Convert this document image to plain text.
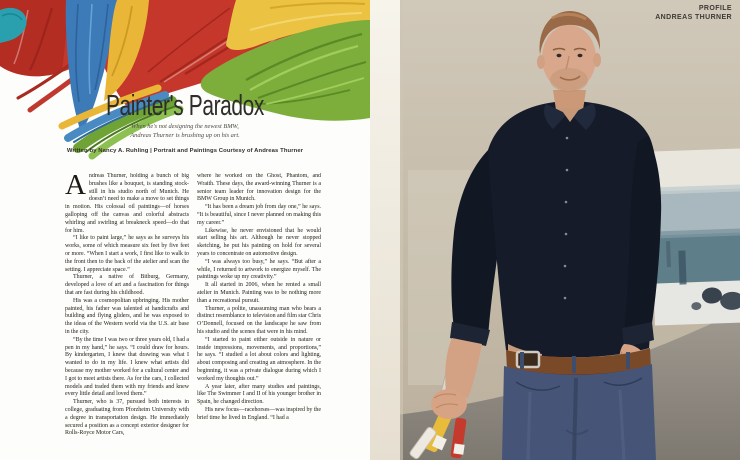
Painter's Paradox
When he's not designing the newest BMW,
Andreas Thurner is brushing up on his art.
Written by Nancy A. Ruhling | Portrait and Paintings Courtesy of Andreas Thurner

Andreas Thurner, holding a bunch of big brushes like a bouquet, is standing stock-still in his studio north of Munich. He doesn’t need to make a move to set things in motion. His colossal oil paintings—of horses galloping off the canvas and colorful abstracts whirling and swirling at breakneck speed—do that for him.

“I like to paint large,” he says as he surveys his works, some of which measure six feet by five feet or more. “When I start a work, I first like to walk to the front then to the back of the atelier and scan the setting. I appreciate space.”

Thurner, a native of Bitburg, Germany, developed a love of art and a fascination for things that are fast during his childhood.

His was a cosmopolitan upbringing. His mother painted, his father was talented at handicrafts and building and flying gliders, and he was exposed to the ideas of the Western world via the U.S. air base in the city.

“By the time I was two or three years old, I had a pen in my hand,” he says. “I could draw for hours. By kindergarten, I knew that drawing was what I wanted to do in my life. I knew what artists did because my mother worked for a cultural center and I got to meet artists there. As for the cars, I collected models and traded them with my friends and knew every little detail and loved them.”

Thurner, who is 37, pursued both interests in college, graduating from Pforzheim University with a degree in transportation design. He immediately secured a position as a concept exterior designer for Rolls-Royce Motor Cars,

where he worked on the Ghost, Phantom, and Wraith. These days, the award-winning Thurner is a senior team leader for innovation design for the BMW Group in Munich.

“It has been a dream job from day one,” he says. “It is beautiful, since I never planned on making this my career.”

Likewise, he never envisioned that he would start selling his art. Although he never stopped sketching, he put his painting on hold for several years to concentrate on automotive design.

“I was always too busy,” he says. “But after a while, I returned to artwork to energize myself. The paintings woke up my creativity.”

It all started in 2006, when he rented a small atelier in Munich. Painting was to be nothing more than a recreational pursuit.

Thurner, a polite, unassuming man who bears a distinct resemblance to television and film star Chris O’Donnell, focused on the landscape he saw from his studio and the scenes that were in his mind.

“I started to paint either outside in nature or inside impressions, movements, and proportions,” he says. “I studied a lot about colors and lighting, about composing and creating an atmosphere. In the beginning, it was a private dialogue during which I worked my thoughts out.”

A year later, after many studies and paintings, like The Swimmer I and II of his younger brother in Spain, he changed direction.

His new focus—racehorses—was inspired by the brief time he lived in England. “I had a

PROFILE
ANDREAS THURNER
